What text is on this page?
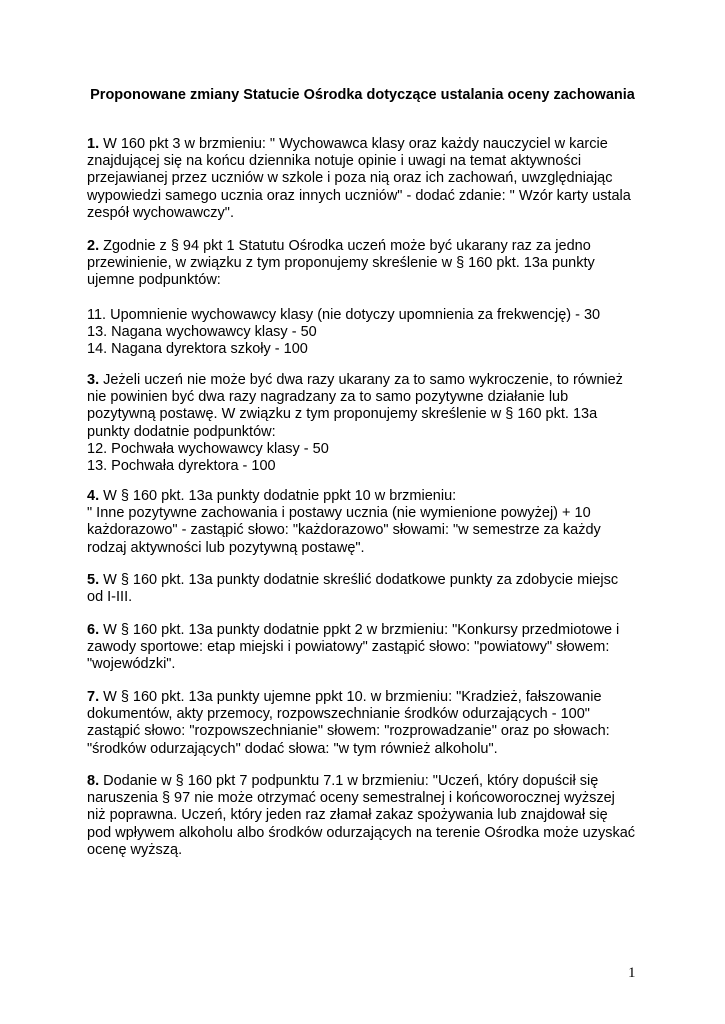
Proponowane zmiany Statucie Ośrodka dotyczące ustalania oceny zachowania
1. W 160 pkt 3 w brzmieniu: " Wychowawca klasy oraz każdy nauczyciel w karcie
znajdującej się na końcu dziennika notuje opinie i uwagi na temat aktywności
przejawianej przez uczniów w szkole i poza nią oraz ich zachowań, uwzględniając
wypowiedzi samego ucznia oraz innych uczniów" - dodać zdanie: " Wzór karty ustala
zespół wychowawczy".
2. Zgodnie z § 94 pkt 1 Statutu Ośrodka uczeń może być ukarany raz za jedno
przewinienie, w związku z tym proponujemy skreślenie w § 160 pkt. 13a punkty
ujemne podpunktów:

11. Upomnienie wychowawcy klasy (nie dotyczy upomnienia za frekwencję) - 30
13. Nagana wychowawcy klasy - 50
14. Nagana dyrektora szkoły - 100
3. Jeżeli uczeń nie może być dwa razy ukarany za to samo wykroczenie, to również
nie powinien być dwa razy nagradzany za to samo pozytywne działanie lub
pozytywną postawę. W związku z tym proponujemy skreślenie w § 160 pkt. 13a
punkty dodatnie podpunktów:
12. Pochwała wychowawcy klasy - 50
13. Pochwała dyrektora - 100
4. W § 160 pkt. 13a punkty dodatnie ppkt 10 w brzmieniu:
" Inne pozytywne zachowania i postawy ucznia (nie wymienione powyżej) + 10
każdorazowo" - zastąpić słowo: "każdorazowo" słowami: "w semestrze za każdy
rodzaj aktywności lub pozytywną postawę".
5. W § 160 pkt. 13a punkty dodatnie skreślić dodatkowe punkty za zdobycie miejsc
od I-III.
6. W § 160 pkt. 13a punkty dodatnie ppkt 2 w brzmieniu: "Konkursy przedmiotowe i
zawody sportowe: etap miejski i powiatowy" zastąpić słowo: "powiatowy" słowem:
"wojewódzki".
7. W § 160 pkt. 13a punkty ujemne ppkt 10. w brzmieniu: "Kradzież, fałszowanie
dokumentów, akty przemocy, rozpowszechnianie środków odurzających - 100"
zastąpić słowo: "rozpowszechnianie" słowem: "rozprowadzanie" oraz po słowach:
"środków odurzających" dodać słowa: "w tym również alkoholu".
8. Dodanie w § 160 pkt 7 podpunktu 7.1 w brzmieniu: "Uczeń, który dopuścił się
naruszenia § 97 nie może otrzymać oceny semestralnej i końcoworocznej wyższej
niż poprawna. Uczeń, który jeden raz złamał zakaz spożywania lub znajdował się
pod wpływem alkoholu albo środków odurzających na terenie Ośrodka może uzyskać
ocenę wyższą.
1
